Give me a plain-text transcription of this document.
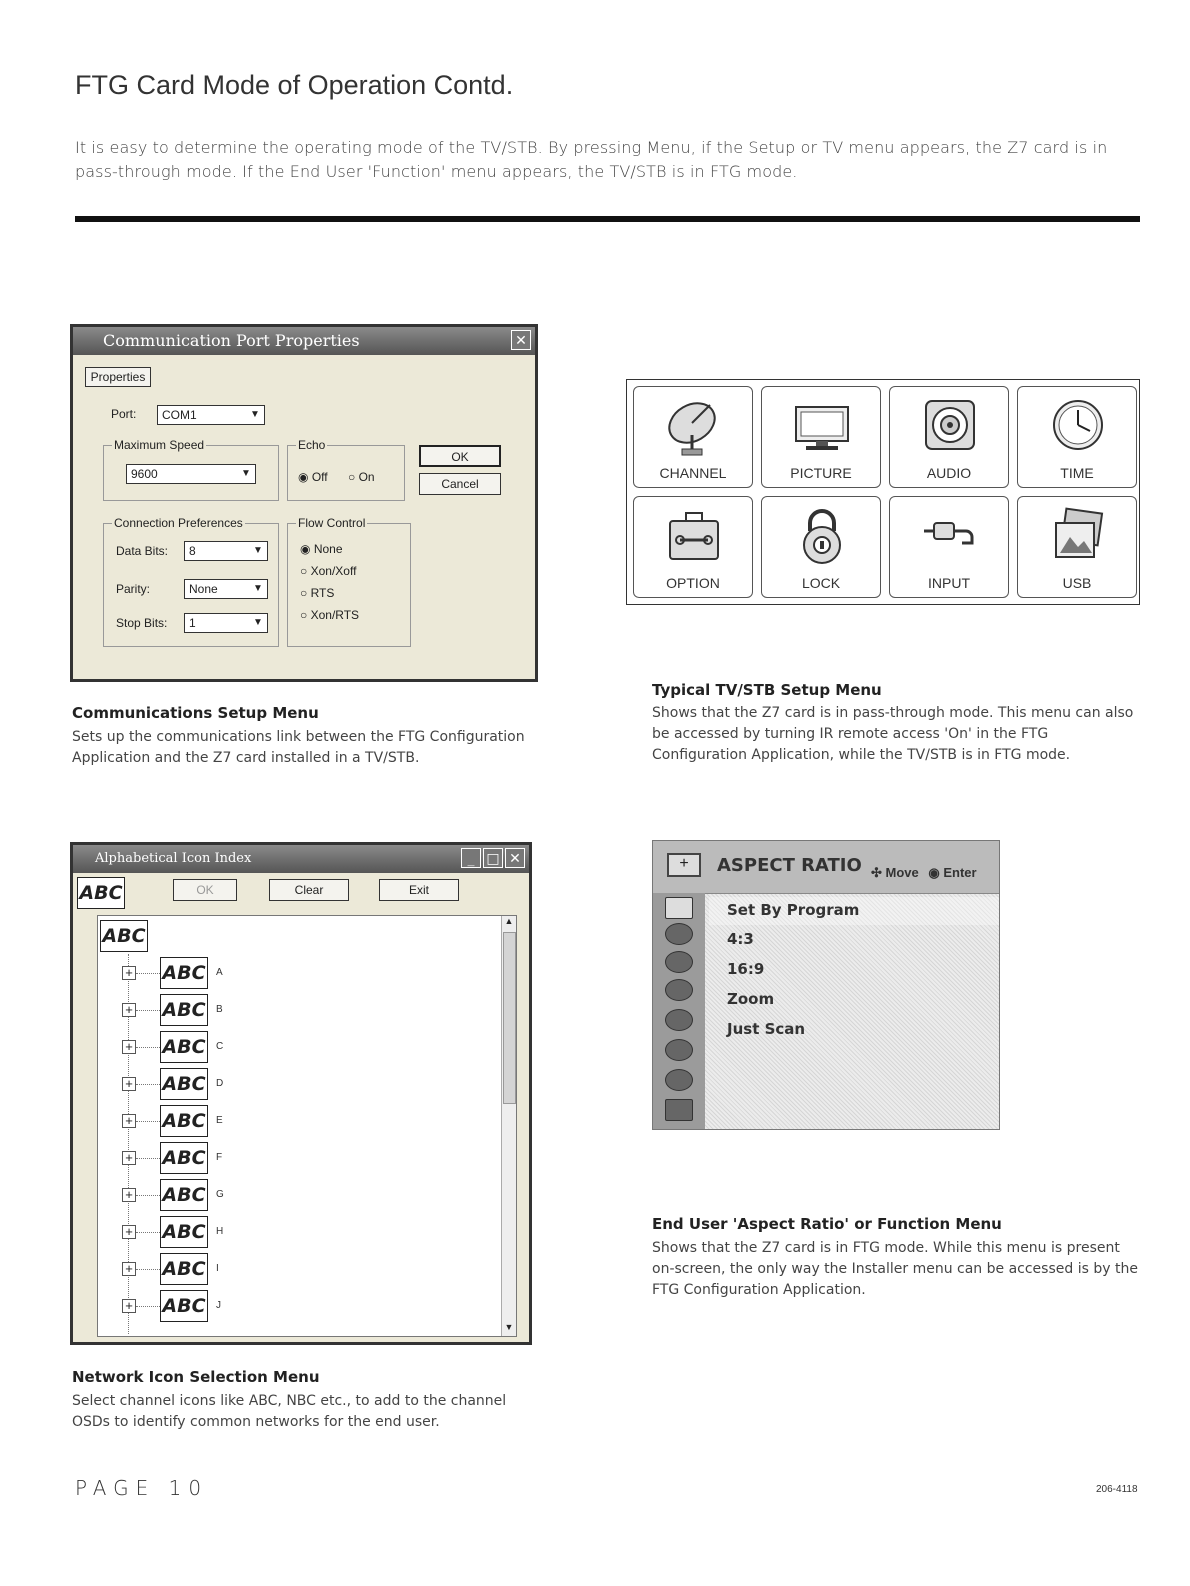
FTG Card Mode of Operation Contd.
It is easy to determine the operating mode of the TV/STB. By pressing Menu, if the Setup or TV menu appears, the Z7 card is in pass-through mode. If the End User 'Function' menu appears, the TV/STB is in FTG mode.
Communication Port Properties	✕
Properties
Port:	COM1	▼
Maximum Speed
9600	▼
Echo
◉ Off ○ On
OK
Cancel
Connection Preferences
Data Bits:	8	▼
Parity:	None	▼
Stop Bits:	1	▼
Flow Control
◉ None
○ Xon/Xoff
○ RTS
○ Xon/RTS
Communications Setup Menu
Sets up the communications link between the FTG Configuration Application and the Z7 card installed in a TV/STB.
CHANNEL	PICTURE	AUDIO	TIME
OPTION	LOCK	INPUT	USB
Typical TV/STB Setup Menu
Shows that the Z7 card is in pass-through mode. This menu can also be accessed by turning IR remote access 'On' in the FTG Configuration Application, while the TV/STB is in FTG mode.
Alphabetical Icon Index	_ □ ✕
ABC	OK	Clear	Exit
ABC
▲
▼
+ ABC A
+ ABC B
+ ABC C
+ ABC D
+ ABC E
+ ABC F
+ ABC G
+ ABC H
+ ABC I
+ ABC J
Network Icon Selection Menu
Select channel icons like ABC, NBC etc., to add to the channel OSDs to identify common networks for the end user.
+	ASPECT RATIO ✣ Move ◉ Enter
Set By Program
4:3
16:9
Zoom
Just Scan
End User 'Aspect Ratio' or Function Menu
Shows that the Z7 card is in FTG mode. While this menu is present on-screen, the only way the Installer menu can be accessed is by the FTG Configuration Application.
PAGE 10	206-4118
